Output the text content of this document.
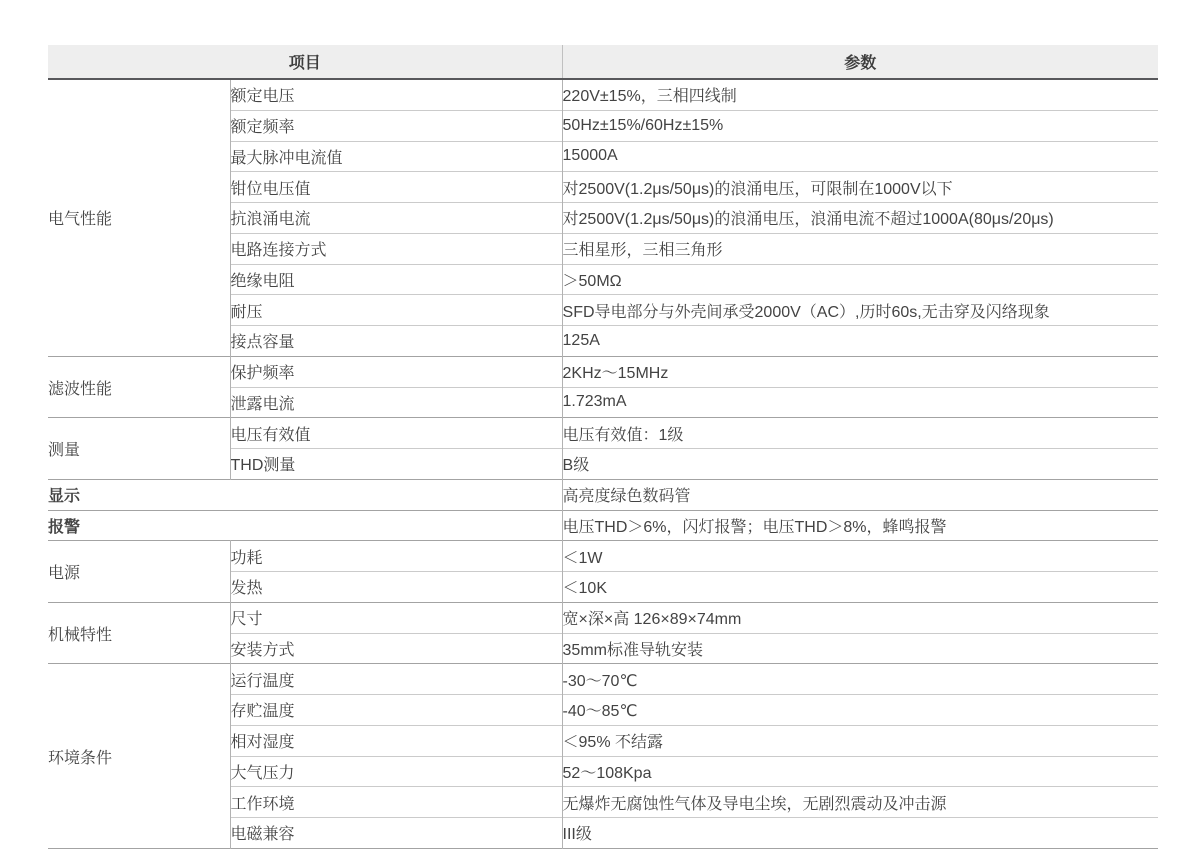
项目		参数
电气性能	额定电压	220V±15%，三相四线制
	额定频率	50Hz±15%/60Hz±15%
	最大脉冲电流值	15000A
	钳位电压值	对2500V(1.2μs/50μs)的浪涌电压，可限制在1000V以下
	抗浪涌电流	对2500V(1.2μs/50μs)的浪涌电压，浪涌电流不超过1000A(80μs/20μs)
	电路连接方式	三相星形，三相三角形
	绝缘电阻	＞50MΩ
	耐压	SFD导电部分与外壳间承受2000V（AC）,历时60s,无击穿及闪络现象
	接点容量	125A
滤波性能	保护频率	2KHz～15MHz
	泄露电流	1.723mA
测量	电压有效值	电压有效值：1级
	THD测量	B级
显示		高亮度绿色数码管
报警		电压THD＞6%，闪灯报警；电压THD＞8%，蜂鸣报警
电源	功耗	＜1W
	发热	＜10K
机械特性	尺寸	宽×深×高 126×89×74mm
	安装方式	35mm标准导轨安装
环境条件	运行温度	-30～70℃
	存贮温度	-40～85℃
	相对湿度	＜95% 不结露
	大气压力	52～108Kpa
	工作环境	无爆炸无腐蚀性气体及导电尘埃，无剧烈震动及冲击源
	电磁兼容	III级
